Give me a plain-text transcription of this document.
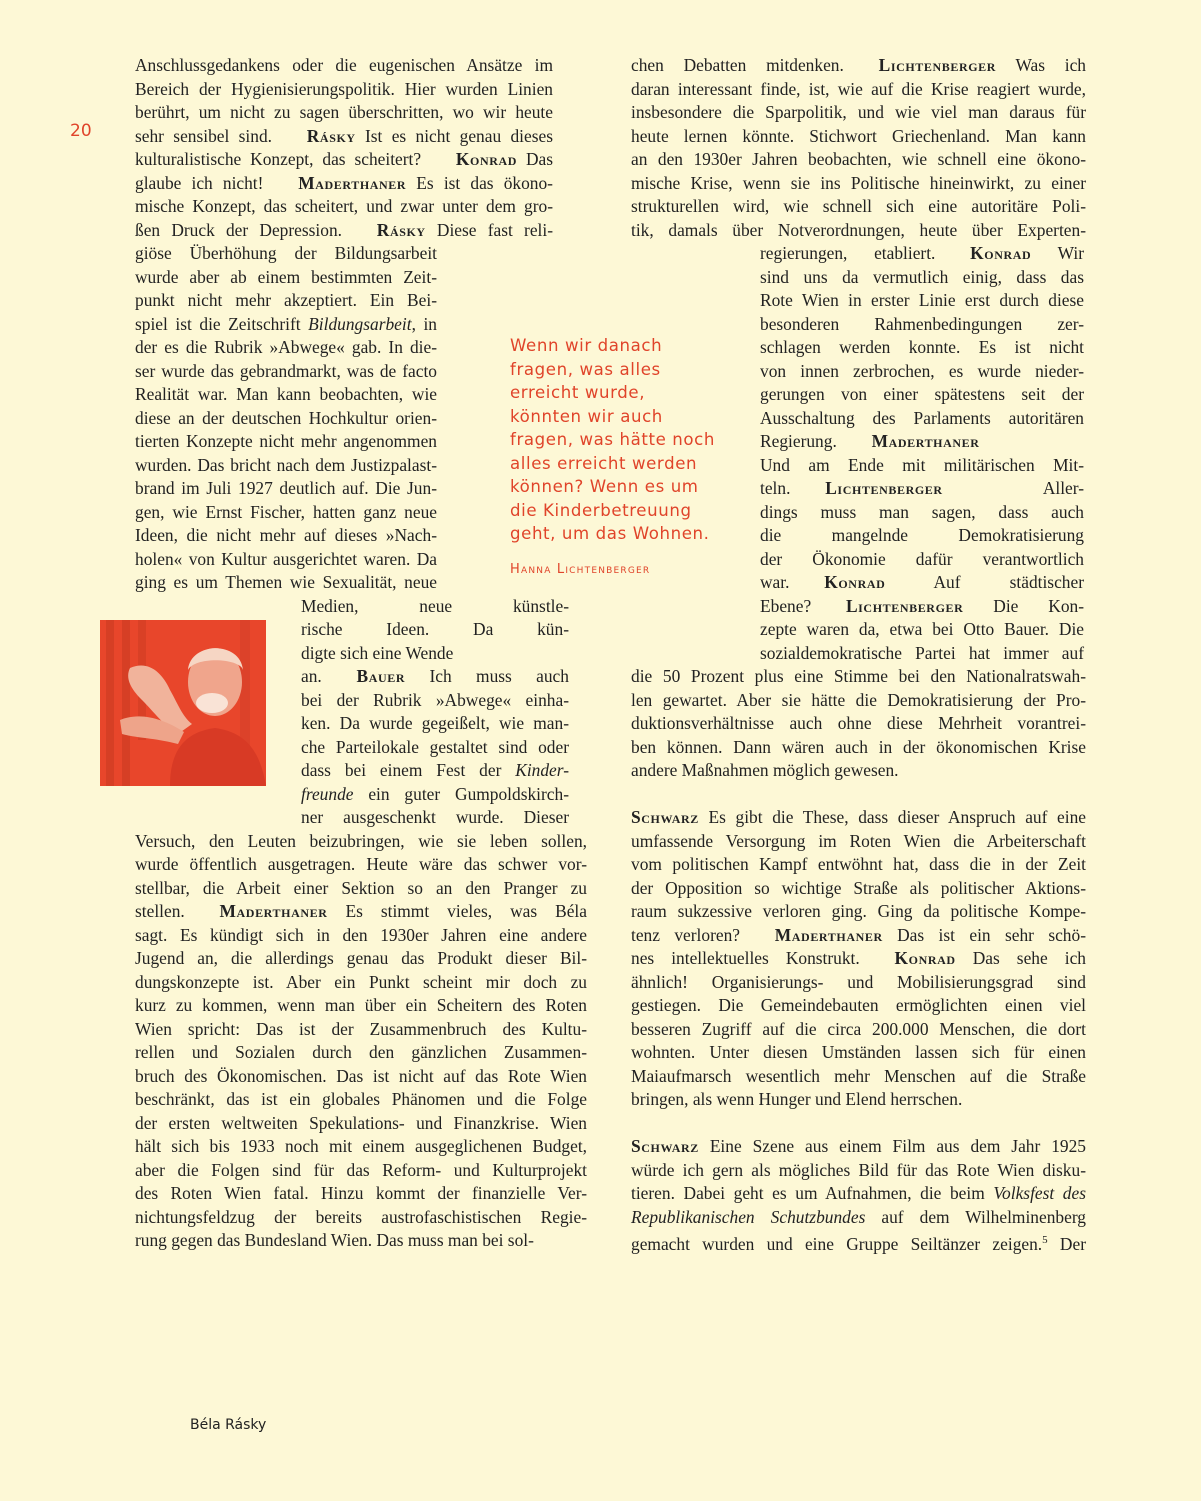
20
Anschlussgedankens oder die eugenischen Ansätze im
Bereich der Hygienisierungspolitik. Hier wurden Linien
berührt, um nicht zu sagen überschritten, wo wir heute
sehr sensibel sind.   Rásky Ist es nicht genau dieses
kulturalistische Konzept, das scheitert?   Konrad Das
glaube ich nicht!   Maderthaner Es ist das ökono-
mische Konzept, das scheitert, und zwar unter dem gro-
ßen Druck der Depression.   Rásky Diese fast reli-
giöse Überhöhung der Bildungsarbeit
wurde aber ab einem bestimmten Zeit-
punkt nicht mehr akzeptiert. Ein Bei-
spiel ist die Zeitschrift Bildungsarbeit, in
der es die Rubrik »Abwege« gab. In die-
ser wurde das gebrandmarkt, was de facto
Realität war. Man kann beobachten, wie
diese an der deutschen Hochkultur orien-
tierten Konzepte nicht mehr angenommen
wurden. Das bricht nach dem Justizpalast-
brand im Juli 1927 deutlich auf. Die Jun-
gen, wie Ernst Fischer, hatten ganz neue
Ideen, die nicht mehr auf dieses »Nach-
holen« von Kultur ausgerichtet waren. Da
ging es um Themen wie Sexualität, neue
Medien, neue künstle-
rische Ideen. Da kün-
digte sich eine Wende
an.   Bauer Ich muss auch
bei der Rubrik »Abwege« einha-
ken. Da wurde gegeißelt, wie man-
che Parteilokale gestaltet sind oder
dass bei einem Fest der Kinder-
freunde ein guter Gumpoldskirch-
ner ausgeschenkt wurde. Dieser
Versuch, den Leuten beizubringen, wie sie leben sollen,
wurde öffentlich ausgetragen. Heute wäre das schwer vor-
stellbar, die Arbeit einer Sektion so an den Pranger zu
stellen.   Maderthaner Es stimmt vieles, was Béla
sagt. Es kündigt sich in den 1930er Jahren eine andere
Jugend an, die allerdings genau das Produkt dieser Bil-
dungskonzepte ist. Aber ein Punkt scheint mir doch zu
kurz zu kommen, wenn man über ein Scheitern des Roten
Wien spricht: Das ist der Zusammenbruch des Kultu-
rellen und Sozialen durch den gänzlichen Zusammen-
bruch des Ökonomischen. Das ist nicht auf das Rote Wien
beschränkt, das ist ein globales Phänomen und die Folge
der ersten weltweiten Spekulations- und Finanzkrise. Wien
hält sich bis 1933 noch mit einem ausgeglichenen Budget,
aber die Folgen sind für das Reform- und Kulturprojekt
des Roten Wien fatal. Hinzu kommt der finanzielle Ver-
nichtungsfeldzug der bereits austrofaschistischen Regie-
rung gegen das Bundesland Wien. Das muss man bei sol-
chen Debatten mitdenken.   Lichtenberger Was ich
daran interessant finde, ist, wie auf die Krise reagiert wurde,
insbesondere die Sparpolitik, und wie viel man daraus für
heute lernen könnte. Stichwort Griechenland. Man kann
an den 1930er Jahren beobachten, wie schnell eine ökono-
mische Krise, wenn sie ins Politische hineinwirkt, zu einer
strukturellen wird, wie schnell sich eine autoritäre Poli-
tik, damals über Notverordnungen, heute über Experten-
regierungen, etabliert.   Konrad Wir
sind uns da vermutlich einig, dass das
Rote Wien in erster Linie erst durch diese
besonderen Rahmenbedingungen zer-
schlagen werden konnte. Es ist nicht
von innen zerbrochen, es wurde nieder-
gerungen von einer spätestens seit der
Ausschaltung des Parlaments autoritären
Regierung.   Maderthaner
Und am Ende mit militärischen Mit-
teln.   Lichtenberger	Aller-
dings muss man sagen, dass auch
die mangelnde Demokratisierung
der Ökonomie dafür verantwortlich
war.   Konrad	Auf städtischer
Ebene?   Lichtenberger Die Kon-
zepte waren da, etwa bei Otto Bauer. Die
sozialdemokratische Partei hat immer auf
die 50 Prozent plus eine Stimme bei den Nationalratswah-
len gewartet. Aber sie hätte die Demokratisierung der Pro-
duktionsverhältnisse auch ohne diese Mehrheit vorantrei-
ben können. Dann wären auch in der ökonomischen Krise
andere Maßnahmen möglich gewesen.
Schwarz Es gibt die These, dass dieser Anspruch auf eine
umfassende Versorgung im Roten Wien die Arbeiterschaft
vom politischen Kampf entwöhnt hat, dass die in der Zeit
der Opposition so wichtige Straße als politischer Aktions-
raum sukzessive verloren ging. Ging da politische Kompe-
tenz verloren?   Maderthaner Das ist ein sehr schö-
nes intellektuelles Konstrukt.   Konrad Das sehe ich
ähnlich! Organisierungs- und Mobilisierungsgrad sind
gestiegen. Die Gemeindebauten ermöglichten einen viel
besseren Zugriff auf die circa 200.000 Menschen, die dort
wohnten. Unter diesen Umständen lassen sich für einen
Maiaufmarsch wesentlich mehr Menschen auf die Straße
bringen, als wenn Hunger und Elend herrschen.
Schwarz Eine Szene aus einem Film aus dem Jahr 1925
würde ich gern als mögliches Bild für das Rote Wien disku-
tieren. Dabei geht es um Aufnahmen, die beim Volksfest des
Republikanischen Schutzbundes auf dem Wilhelminenberg
gemacht wurden und eine Gruppe Seiltänzer zeigen.$^5$ Der
Wenn wir danach
fragen, was alles
erreicht wurde,
könnten wir auch
fragen, was hätte noch
alles erreicht werden
können? Wenn es um
die Kinderbetreuung
geht, um das Wohnen.
Hanna Lichtenberger
Béla Rásky
